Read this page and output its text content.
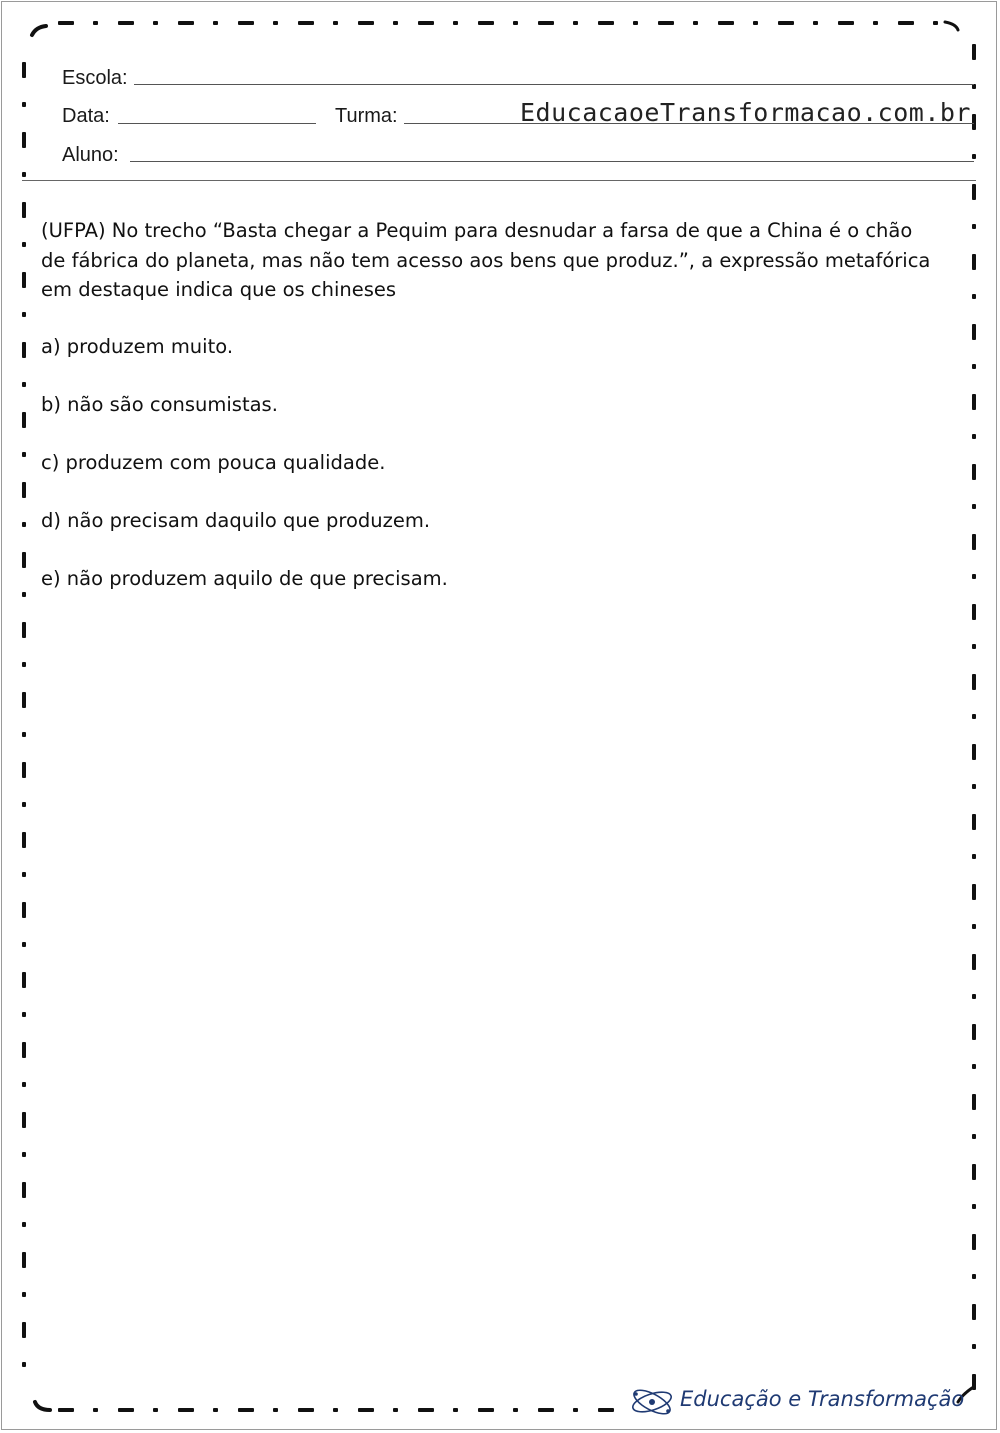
Escola:
Data:	Turma:	EducacaoeTransformacao.com.br
Aluno:
(UFPA) No trecho “Basta chegar a Pequim para desnudar a farsa de que a China é o chão de fábrica do planeta, mas não tem acesso aos bens que produz.”, a expressão metafórica em destaque indica que os chineses
a) produzem muito.
b) não são consumistas.
c) produzem com pouca qualidade.
d) não precisam daquilo que produzem.
e) não produzem aquilo de que precisam.
Educação e Transformação
